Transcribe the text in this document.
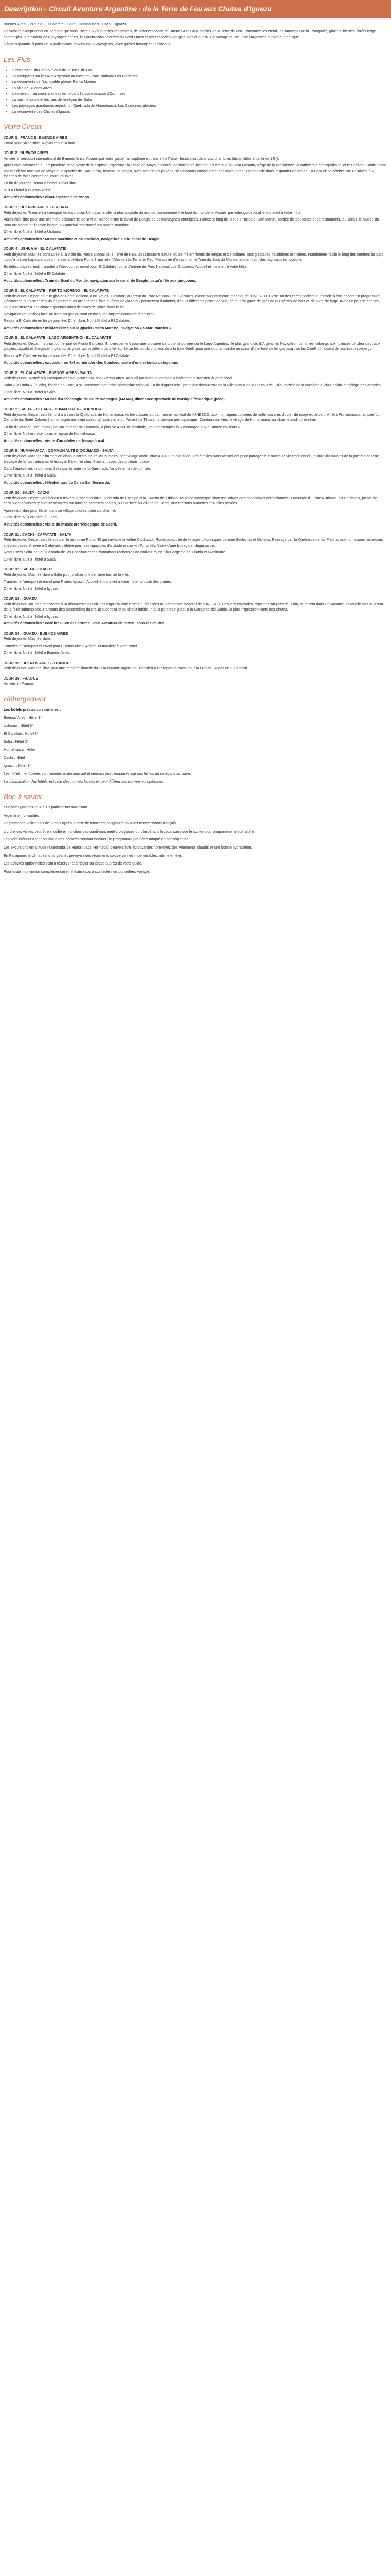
Description - Circuit Aventure Argentine : de la Terre de Feu aux Chutes d'Iguazu

Buenos Aires - Ushuaia - El Calafate - Salta - Humahuaca - Cachi - Iguazu

Ce voyage exceptionnel en petit groupe vous invite aux plus belles rencontres, de l'effervescence de Buenos Aires aux confins de la Terre de Feu. Parcourez les étendues sauvages de la Patagonie, glaciers bleutés, forêts lenga ; contemplez la grandeur des paysages andins, les quebradas colorées du Nord-Ouest et les cascades vertigineuses d'Iguazu. Un voyage au cœur de l'Argentine la plus authentique.

Départs garantis à partir de 4 participants, maximum 16 voyageurs, avec guides francophones locaux.

Les Plus
• L'exploration du Parc National de la Terre de Feu
• La navigation sur le Lago Argentino au coeur du Parc National Los Glaciares
• La découverte de l'incroyable glacier Perito Moreno
• La ville de Buenos Aires
• L'immersion au coeur des traditions dans la communauté d'Ocumazo
• La cuisine locale et les vins de la région de Salta
• Les paysages grandioses argentins : Quebrada de Humahuaca, Los Cardones, glaciers
• La découverte des Chutes d'Iguazu
Votre Circuit
JOUR 1 : FRANCE - BUENOS AIRES

Envol pour l'Argentine. Repas et nuit à bord.

JOUR 2 : BUENOS AIRES

Arrivée à l'aéroport international de Buenos Aires. Accueil par votre guide francophone et transfert à l'hôtel. Installation dans vos chambres (disponibles à partir de 14h).

Après-midi consacrée à une première découverte de la capitale argentine : la Plaza de Mayo, entourée de bâtiments historiques tels que la Casa Rosada, siège de la présidence, la cathédrale métropolitaine et le Cabildo. Continuation par la célèbre Avenida de Mayo et le quartier de San Telmo, berceau du tango, avec ses ruelles pavées, ses maisons coloniales et ses antiquaires. Promenade dans le quartier coloré de La Boca et sa célèbre rue Caminito, aux façades de tôles peintes de couleurs vives.

En fin de journée, retour à l'hôtel. Dîner libre.

Nuit à l'hôtel à Buenos Aires.

Activités optionnelles : dîner-spectacle de tango.

JOUR 3 : BUENOS AIRES - USHUAIA

Petit déjeuner. Transfert à l'aéroport et envol pour Ushuaia, la ville la plus australe du monde, surnommée « le bout du monde ». Accueil par votre guide local et transfert à votre hôtel.

Après-midi libre pour une première découverte de la ville, nichée entre le canal de Beagle et les montagnes enneigées. Flânez le long de la rue principale, San Martin, bordée de boutiques et de restaurants, ou visitez le Musée du Bout du Monde et l'ancien bagne, aujourd'hui transformé en musée maritime.

Dîner libre. Nuit à l'hôtel à Ushuaia.

Activités optionnelles : Musée maritime et du Presidio, navigation sur le canal de Beagle.

JOUR 4 : USHUAIA - EL CALAFATE

Petit déjeuner. Matinée consacrée à la visite du Parc National de la Terre de Feu, un sanctuaire naturel où se mêlent forêts de lengas et de coihues, lacs glaciaires, tourbières et rivières. Randonnée facile le long des sentiers du parc jusqu'à la baie Lapataia, point final de la célèbre Route 3 qui relie l'Alaska à la Terre de Feu. Possibilité d'emprunter le Train du Bout du Monde, ancien train des bagnards (en option).

En début d'après-midi, transfert à l'aéroport et envol pour El Calafate, porte d'entrée du Parc National Los Glaciares. Accueil et transfert à votre hôtel.

Dîner libre. Nuit à l'hôtel à El Calafate.

Activités optionnelles : Train du Bout du Monde, navigation sur le canal de Beagle jusqu'à l'île aux pingouins.

JOUR 5 : EL CALAFATE - PERITO MORENO - EL CALAFATE

Petit déjeuner. Départ pour le glacier Perito Moreno, à 80 km d'El Calafate, au cœur du Parc National Los Glaciares, classé au patrimoine mondial de l'UNESCO. C'est l'un des rares glaciers au monde à être encore en progression. Découverte du glacier depuis les passerelles aménagées face au front de glace qui permettent d'admirer, depuis différents points de vue, ce mur de glace de près de 60 mètres de haut et de 5 km de large. Avec un peu de chance, vous assisterez à des chutes spectaculaires de blocs de glace dans le lac.

Navigation (en option) face au front du glacier pour en mesurer l'impressionnante dimension.

Retour à El Calafate en fin de journée. Dîner libre. Nuit à l'hôtel à El Calafate.

Activités optionnelles : mini-trekking sur le glacier Perito Moreno, navigation « Safari Náutico ».

JOUR 6 : EL CALAFATE - LAGO ARGENTINO - EL CALAFATE

Petit déjeuner. Départ matinal pour le port de Punta Bandera. Embarquement pour une croisière de toute la journée sur le Lago Argentino, le plus grand lac d'Argentine. Navigation parmi les icebergs aux nuances de bleu jusqu'aux glaciers Upsala et Spegazzini, géants de glace qui se jettent dans le lac. Selon les conditions, escale à la baie Onelli pour une courte marche au cœur d'une forêt de lengas jusqu'au lac Onelli où flottent de nombreux icebergs.

Retour à El Calafate en fin de journée. Dîner libre. Nuit à l'hôtel à El Calafate.

Activités optionnelles : excursion en 4x4 au mirador des Condors, visite d'une estancia patagonne.

JOUR 7 : EL CALAFATE - BUENOS AIRES - SALTA

Petit déjeuner. Transfert à l'aéroport et envol pour Salta, via Buenos Aires. Accueil par votre guide local à l'aéroport et transfert à votre hôtel.

Salta « la Linda » (la jolie), fondée en 1582, a su conserver son riche patrimoine colonial. En fin d'après-midi, première découverte de la ville autour de la Plaza 9 de Julio, bordée de la cathédrale, du Cabildo et d'élégantes arcades.

Dîner libre. Nuit à l'hôtel à Salta.

Activités optionnelles : Musée d'Archéologie de Haute Montagne (MAAM), dîner avec spectacle de musique folklorique (peña).

JOUR 8 : SALTA - TILCARA - HUMAHUACA - HORNOCAL

Petit déjeuner. Départ vers le nord à travers la Quebrada de Humahuaca, vallée classée au patrimoine mondial de l'UNESCO, aux montagnes colorées de mille nuances d'ocre, de rouge et de vert. Arrêt à Purmamarca, au pied du Cerro de los Siete Colores (la montagne aux sept couleurs), puis visite du Pucará de Tilcara, forteresse préhispanique. Continuation vers le village de Humahuaca, au charme andin préservé.

En fin de journée, excursion jusqu'au mirador du Hornocal, à plus de 4 300 m d'altitude, pour contempler la « montagne aux quatorze couleurs ».

Dîner libre. Nuit en hôtel dans la région de Humahuaca.

Activités optionnelles : visite d'un atelier de tissage local.

JOUR 9 : HUMAHUACA - COMMUNAUTÉ D'OCUMAZO - SALTA

Petit déjeuner. Matinée d'immersion dans la communauté d'Ocumazo, petit village andin situé à 3 400 m d'altitude. Les familles vous accueillent pour partager leur mode de vie traditionnel : culture du maïs et de la pomme de terre, élevage de lamas, artisanat et tissage. Déjeuner chez l'habitant avec des produits locaux.

Dans l'après-midi, retour vers Salta par la route de la Quebrada. Arrivée en fin de journée.

Dîner libre. Nuit à l'hôtel à Salta.

Activités optionnelles : téléphérique du Cerro San Bernardo.

JOUR 10 : SALTA - CACHI

Petit déjeuner. Départ vers l'ouest à travers la spectaculaire Quebrada de Escoipe et la Cuesta del Obispo, route de montagne sinueuse offrant des panoramas exceptionnels. Traversée du Parc National Los Cardones, planté de cactus candélabres géants centenaires sur fond de sommets andins, puis arrivée au village de Cachi, aux maisons blanches et ruelles pavées.

Après-midi libre pour flâner dans ce village colonial plein de charme.

Dîner libre. Nuit en hôtel à Cachi.

Activités optionnelles : visite du musée archéologique de Cachi.

JOUR 11 : CACHI - CAFAYATE - SALTA

Petit déjeuner. Départ vers le sud par la mythique Route 40 qui traverse la vallée Calchaquí. Route ponctuée de villages pittoresques comme Seclantás et Molinos. Passage par la Quebrada de las Flechas aux formations rocheuses spectaculaires. Arrivée à Cafayate, célèbre pour ses vignobles d'altitude et son vin Torrontés. Visite d'une bodega et dégustation.

Retour vers Salta par la Quebrada de las Conchas et ses formations rocheuses de couleur rouge : la Garganta del Diablo et l'Anfiteatro.

Dîner libre. Nuit à l'hôtel à Salta.

JOUR 12 : SALTA - IGUAZU

Petit déjeuner. Matinée libre à Salta pour profiter une dernière fois de la ville.

Transfert à l'aéroport et envol pour Puerto Iguazu. Accueil et transfert à votre hôtel, proche des chutes.

Dîner libre. Nuit à l'hôtel à Iguazu.

JOUR 13 : IGUAZU

Petit déjeuner. Journée consacrée à la découverte des chutes d'Iguazu côté argentin, classées au patrimoine mondial de l'UNESCO. Ces 275 cascades, réparties sur près de 3 km, se jettent dans un vacarme assourdissant au cœur de la forêt subtropicale. Parcours des passerelles du circuit supérieur et du circuit inférieur, puis petit train jusqu'à la Garganta del Diablo, la plus impressionnante des chutes.

Dîner libre. Nuit à l'hôtel à Iguazu.

Activités optionnelles : côté brésilien des chutes, Gran Aventura en bateau sous les chutes.

JOUR 14 : IGUAZU - BUENOS AIRES

Petit déjeuner. Matinée libre.

Transfert à l'aéroport et envol pour Buenos Aires. Arrivée et transfert à votre hôtel.

Dîner libre. Nuit à l'hôtel à Buenos Aires.

JOUR 15 : BUENOS AIRES - FRANCE

Petit déjeuner. Matinée libre pour une dernière flânerie dans la capitale argentine. Transfert à l'aéroport et envol pour la France. Repas et nuit à bord.

JOUR 16 : FRANCE

Arrivée en France.

Hébergement

Les hôtels prévus ou similaires :

Buenos Aires : Hôtel 3*

Ushuaia : Hôtel 3*

El Calafate : Hôtel 3*

Salta : Hôtel 3*

Humahuaca : Hôtel

Cachi : Hôtel

Iguazu : Hôtel 3*

Les hôtels mentionnés sont donnés à titre indicatif et peuvent être remplacés par des hôtels de catégorie similaire.

La classification des hôtels est celle des normes locales et peut différer des normes européennes.

Bon à savoir

* Départs garantis de 4 à 16 participants maximum.

Argentine : formalités.

Un passeport valide plus de 6 mois après la date de retour est obligatoire pour les ressortissants français.

L'ordre des visites peut être modifié en fonction des conditions météorologiques ou d'impératifs locaux, sans que le contenu du programme ne soit altéré.

Les vols intérieurs sont soumis à des horaires pouvant évoluer ; le programme peut être adapté en conséquence.

Les excursions en altitude (Quebrada de Humahuaca, Hornocal) peuvent être éprouvantes : prévoyez des vêtements chauds et une bonne hydratation.

En Patagonie, le climat est changeant : prévoyez des vêtements coupe-vent et imperméables, même en été.

Les activités optionnelles sont à réserver et à régler sur place auprès de votre guide.

Pour toute information complémentaire, n'hésitez pas à contacter nos conseillers voyage.
